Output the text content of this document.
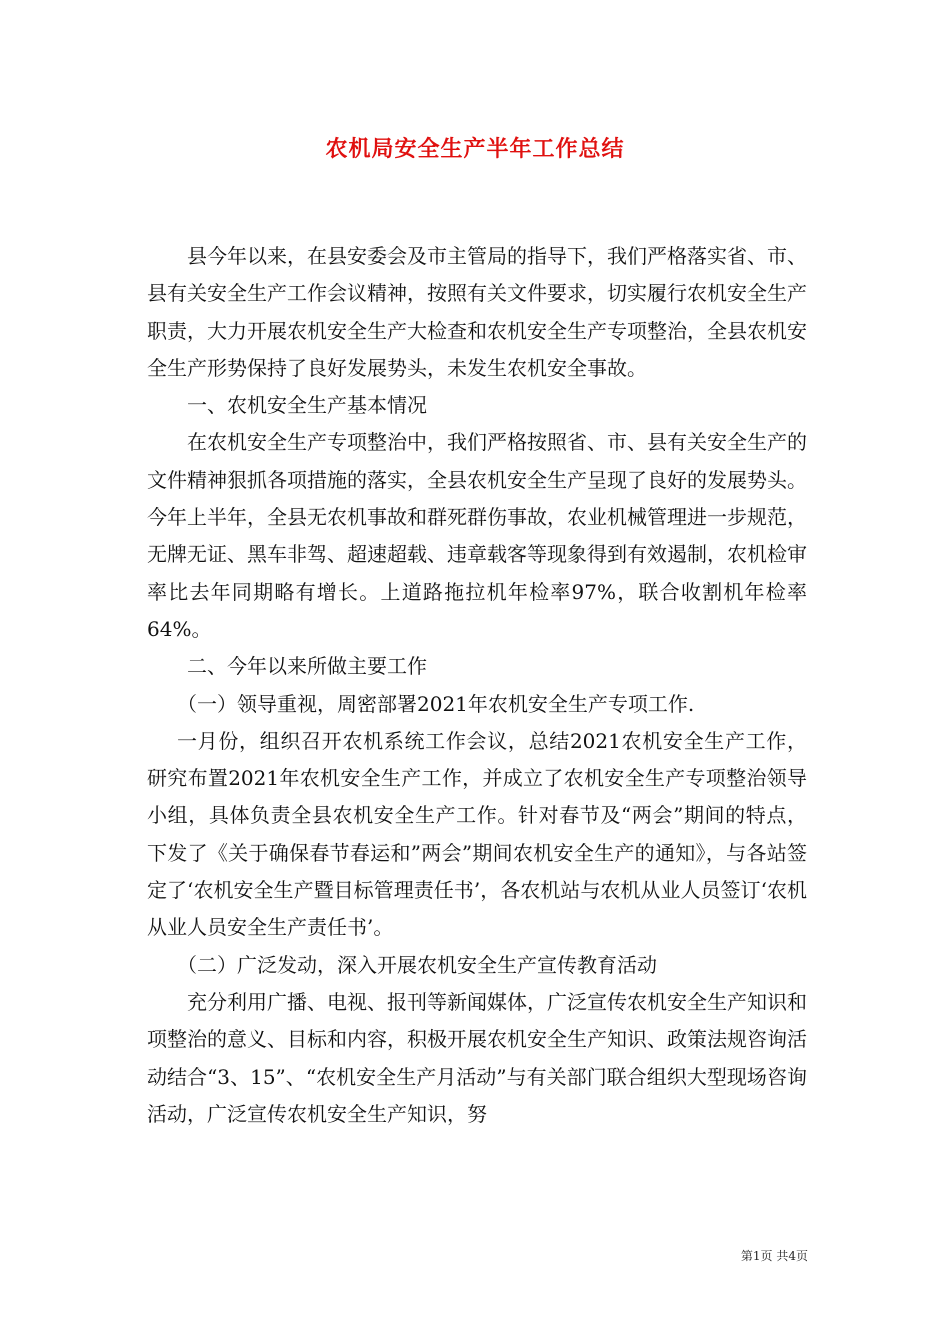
农机局安全生产半年工作总结

县今年以来，在县安委会及市主管局的指导下，我们严格落实省、市、县有关安全生产工作会议精神，按照有关文件要求，切实履行农机安全生产职责，大力开展农机安全生产大检查和农机安全生产专项整治，全县农机安全生产形势保持了良好发展势头，未发生农机安全事故。

一、农机安全生产基本情况

在农机安全生产专项整治中，我们严格按照省、市、县有关安全生产的文件精神狠抓各项措施的落实，全县农机安全生产呈现了良好的发展势头。今年上半年，全县无农机事故和群死群伤事故，农业机械管理进一步规范，无牌无证、黑车非驾、超速超载、违章载客等现象得到有效遏制，农机检审率比去年同期略有增长。上道路拖拉机年检率97%，联合收割机年检率64%。

二、今年以来所做主要工作

（一）领导重视，周密部署2021年农机安全生产专项工作.

一月份，组织召开农机系统工作会议，总结2021农机安全生产工作，研究布置2021年农机安全生产工作，并成立了农机安全生产专项整治领导小组，具体负责全县农机安全生产工作。针对春节及“两会”期间的特点，下发了《关于确保春节春运和”两会”期间农机安全生产的通知》，与各站签定了‘农机安全生产暨目标管理责任书’，各农机站与农机从业人员签订‘农机从业人员安全生产责任书’。

（二）广泛发动，深入开展农机安全生产宣传教育活动

充分利用广播、电视、报刊等新闻媒体，广泛宣传农机安全生产知识和项整治的意义、目标和内容，积极开展农机安全生产知识、政策法规咨询活动结合“3、15”、“农机安全生产月活动”与有关部门联合组织大型现场咨询活动，广泛宣传农机安全生产知识，努

第1页 共4页
